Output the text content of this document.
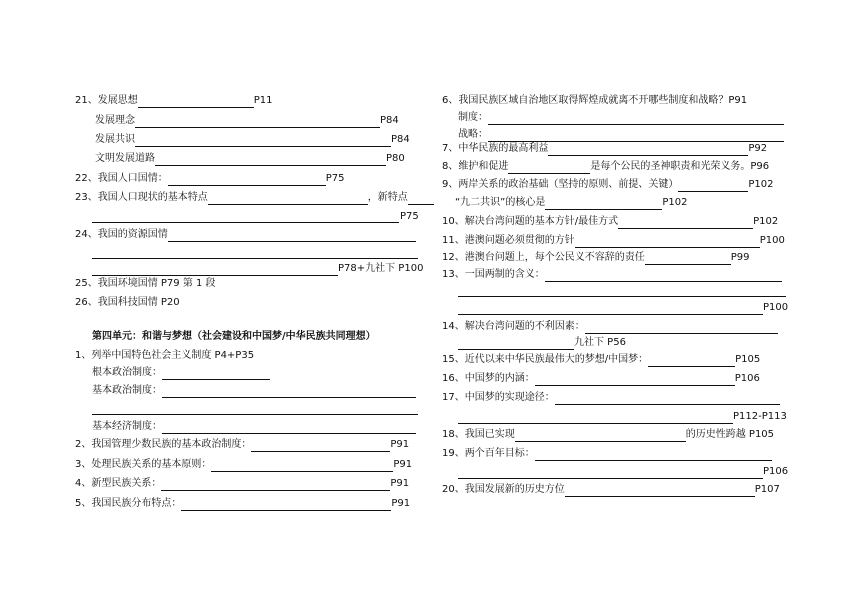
21、发展思想	P11
发展理念	P84
发展共识	P84
文明发展道路	P80
22、我国人口国情：	P75
23、我国人口现状的基本特点	，新特点
P75
24、我国的资源国情
P78+九社下 P100
25、我国环境国情 P79 第 1 段
26、我国科技国情 P20
第四单元：和谐与梦想（社会建设和中国梦/中华民族共同理想）
1、列举中国特色社会主义制度 P4+P35
根本政治制度：
基本政治制度：
基本经济制度：
2、我国管理少数民族的基本政治制度：	P91
3、处理民族关系的基本原则：	P91
4、新型民族关系：	P91
5、我国民族分布特点：	P91
6、我国民族区域自治地区取得辉煌成就离不开哪些制度和战略？P91
制度：
战略：
7、中华民族的最高利益	P92
8、维护和促进	是每个公民的圣神职责和光荣义务。P96
9、两岸关系的政治基础（坚持的原则、前提、关键）	P102
“九二共识”的核心是	P102
10、解决台湾问题的基本方针/最佳方式	P102
11、港澳问题必须贯彻的方针	P100
12、港澳台问题上，每个公民义不容辞的责任	P99
13、一国两制的含义：
P100
14、解决台湾问题的不利因素：
九社下 P56
15、近代以来中华民族最伟大的梦想/中国梦：	P105
16、中国梦的内涵：	P106
17、中国梦的实现途径：
P112-P113
18、我国已实现	的历史性跨越 P105
19、两个百年目标：
P106
20、我国发展新的历史方位	P107
